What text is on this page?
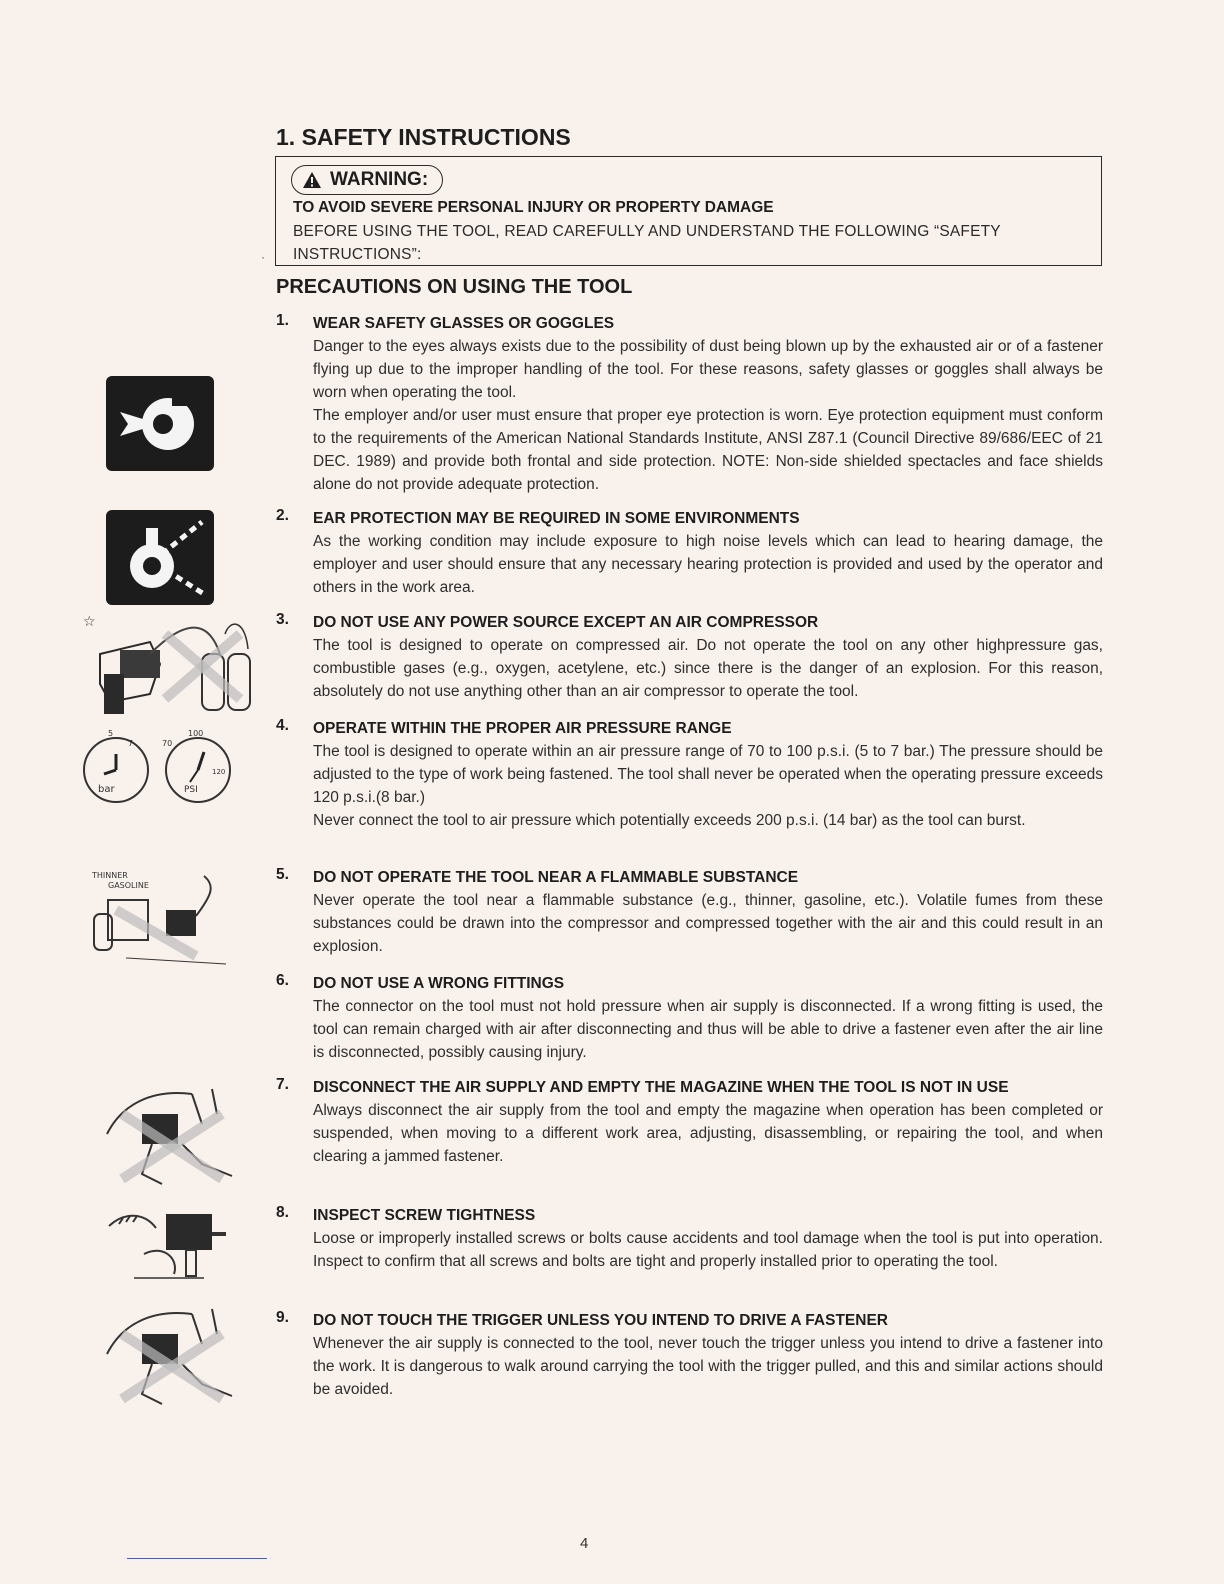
1. SAFETY INSTRUCTIONS
WARNING:
TO AVOID SEVERE PERSONAL INJURY OR PROPERTY DAMAGE
BEFORE USING THE TOOL, READ CAREFULLY AND UNDERSTAND THE FOLLOWING “SAFETY INSTRUCTIONS”:
·
PRECAUTIONS ON USING THE TOOL
1. WEAR SAFETY GLASSES OR GOGGLES

Danger to the eyes always exists due to the possibility of dust being blown up by the exhausted air or of a fastener flying up due to the improper handling of the tool. For these reasons, safety glasses or goggles shall always be worn when operating the tool.

The employer and/or user must ensure that proper eye protection is worn. Eye protection equipment must conform to the requirements of the American National Standards Institute, ANSI Z87.1 (Council Directive 89/686/EEC of 21 DEC. 1989) and provide both frontal and side protection. NOTE: Non-side shielded spectacles and face shields alone do not provide adequate protection.

2. EAR PROTECTION MAY BE REQUIRED IN SOME ENVIRONMENTS

As the working condition may include exposure to high noise levels which can lead to hearing damage, the employer and user should ensure that any necessary hearing protection is provided and used by the operator and others in the work area.

3. DO NOT USE ANY POWER SOURCE EXCEPT AN AIR COMPRESSOR

The tool is designed to operate on compressed air. Do not operate the tool on any other highpressure gas, combustible gases (e.g., oxygen, acetylene, etc.) since there is the danger of an explosion. For this reason, absolutely do not use anything other than an air compressor to operate the tool.

4. OPERATE WITHIN THE PROPER AIR PRESSURE RANGE

The tool is designed to operate within an air pressure range of 70 to 100 p.s.i. (5 to 7 bar.) The pressure should be adjusted to the type of work being fastened. The tool shall never be operated when the operating pressure exceeds 120 p.s.i.(8 bar.)

Never connect the tool to air pressure which potentially exceeds 200 p.s.i. (14 bar) as the tool can burst.

5. DO NOT OPERATE THE TOOL NEAR A FLAMMABLE SUBSTANCE

Never operate the tool near a flammable substance (e.g., thinner, gasoline, etc.). Volatile fumes from these substances could be drawn into the compressor and compressed together with the air and this could result in an explosion.

6. DO NOT USE A WRONG FITTINGS

The connector on the tool must not hold pressure when air supply is disconnected. If a wrong fitting is used, the tool can remain charged with air after disconnecting and thus will be able to drive a fastener even after the air line is disconnected, possibly causing injury.

7. DISCONNECT THE AIR SUPPLY AND EMPTY THE MAGAZINE WHEN THE TOOL IS NOT IN USE

Always disconnect the air supply from the tool and empty the magazine when operation has been completed or suspended, when moving to a different work area, adjusting, disassembling, or repairing the tool, and when clearing a jammed fastener.

8. INSPECT SCREW TIGHTNESS

Loose or improperly installed screws or bolts cause accidents and tool damage when the tool is put into operation. Inspect to confirm that all screws and bolts are tight and properly installed prior to operating the tool.

9. DO NOT TOUCH THE TRIGGER UNLESS YOU INTEND TO DRIVE A FASTENER

Whenever the air supply is connected to the tool, never touch the trigger unless you intend to drive a fastener into the work. It is dangerous to walk around carrying the tool with the trigger pulled, and this and similar actions should be avoided.

☆
bar	PSI
5
7	70
100
120
THINNER
GASOLINE
4
